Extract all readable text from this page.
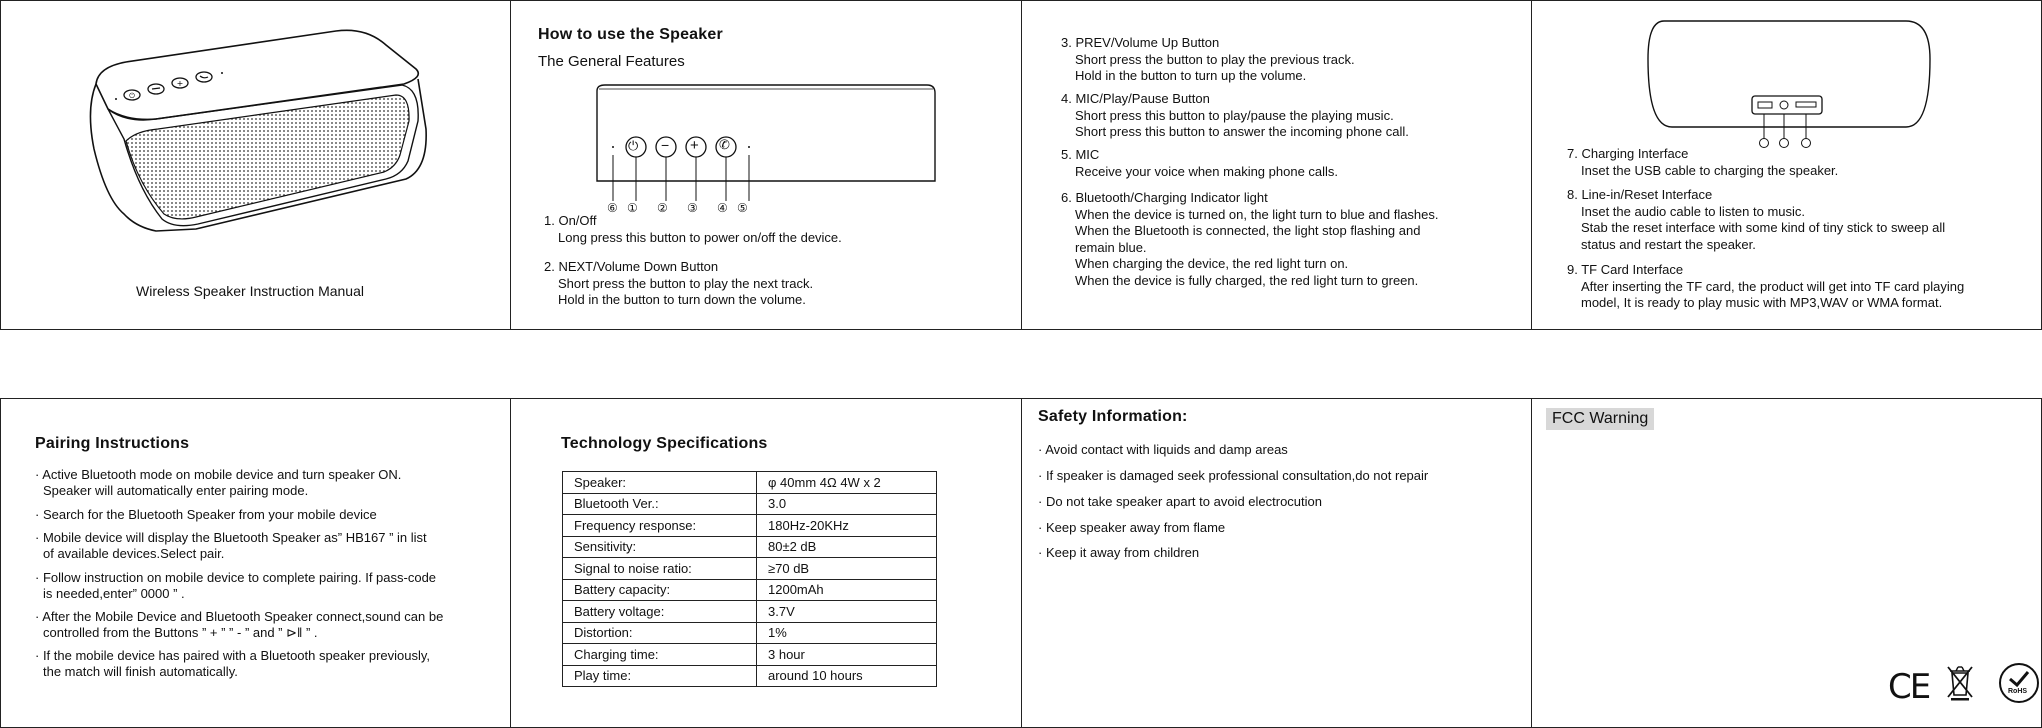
⏻
+
Wireless Speaker Instruction Manual
How to use the Speaker
The General Features
⏻ − + ✆
⑥ ① ② ③ ④ ⑤
1. On/Off
Long press this button to power on/off the device.
2. NEXT/Volume Down Button
Short press the button to play the next track.
Hold in the button to turn down the volume.
3. PREV/Volume Up Button
Short press the button to play the previous track.
Hold in the button to turn up the volume.
4. MIC/Play/Pause Button
Short press this button to play/pause the playing music.
Short press this button to answer the incoming phone call.
5. MIC
Receive your voice when making phone calls.
6. Bluetooth/Charging Indicator light
When the device is turned on, the light turn to blue and flashes.
When the Bluetooth is connected, the light stop flashing and
remain blue.
When charging the device, the red light turn on.
When the device is fully charged, the red light turn to green.
7. Charging Interface
Inset the USB cable to charging the speaker.
8. Line-in/Reset Interface
Inset the audio cable to listen to music.
Stab the reset interface with some kind of tiny stick to sweep all
status and restart the speaker.
9. TF Card Interface
After inserting the TF card, the product will get into TF card playing
model, It is ready to play music with MP3,WAV or WMA format.
Pairing Instructions
· Active Bluetooth mode on mobile device and turn speaker ON.
Speaker will automatically enter pairing mode.
· Search for the Bluetooth Speaker from your mobile device
· Mobile device will display the Bluetooth Speaker as” HB167 ” in list
of available devices.Select pair.
· Follow instruction on mobile device to complete pairing. If pass-code
is needed,enter” 0000 ” .
· After the Mobile Device and Bluetooth Speaker connect,sound can be
controlled from the Buttons ” + ” ” - ” and ” ⊳ǁ ” .
· If the mobile device has paired with a Bluetooth speaker previously,
the match will finish automatically.
Technology Specifications
Speaker:	φ 40mm 4Ω 4W x 2
Bluetooth Ver.:	3.0
Frequency response:	180Hz-20KHz
Sensitivity:	80±2 dB
Signal to noise ratio:	≥70 dB
Battery capacity:	1200mAh
Battery voltage:	3.7V
Distortion:	1%
Charging time:	3 hour
Play time:	around 10 hours
Safety Information:
· Avoid contact with liquids and damp areas
· If speaker is damaged seek professional consultation,do not repair
· Do not take speaker apart to avoid electrocution
· Keep speaker away from flame
· Keep it away from children
FCC Warning
CE	RoHS
